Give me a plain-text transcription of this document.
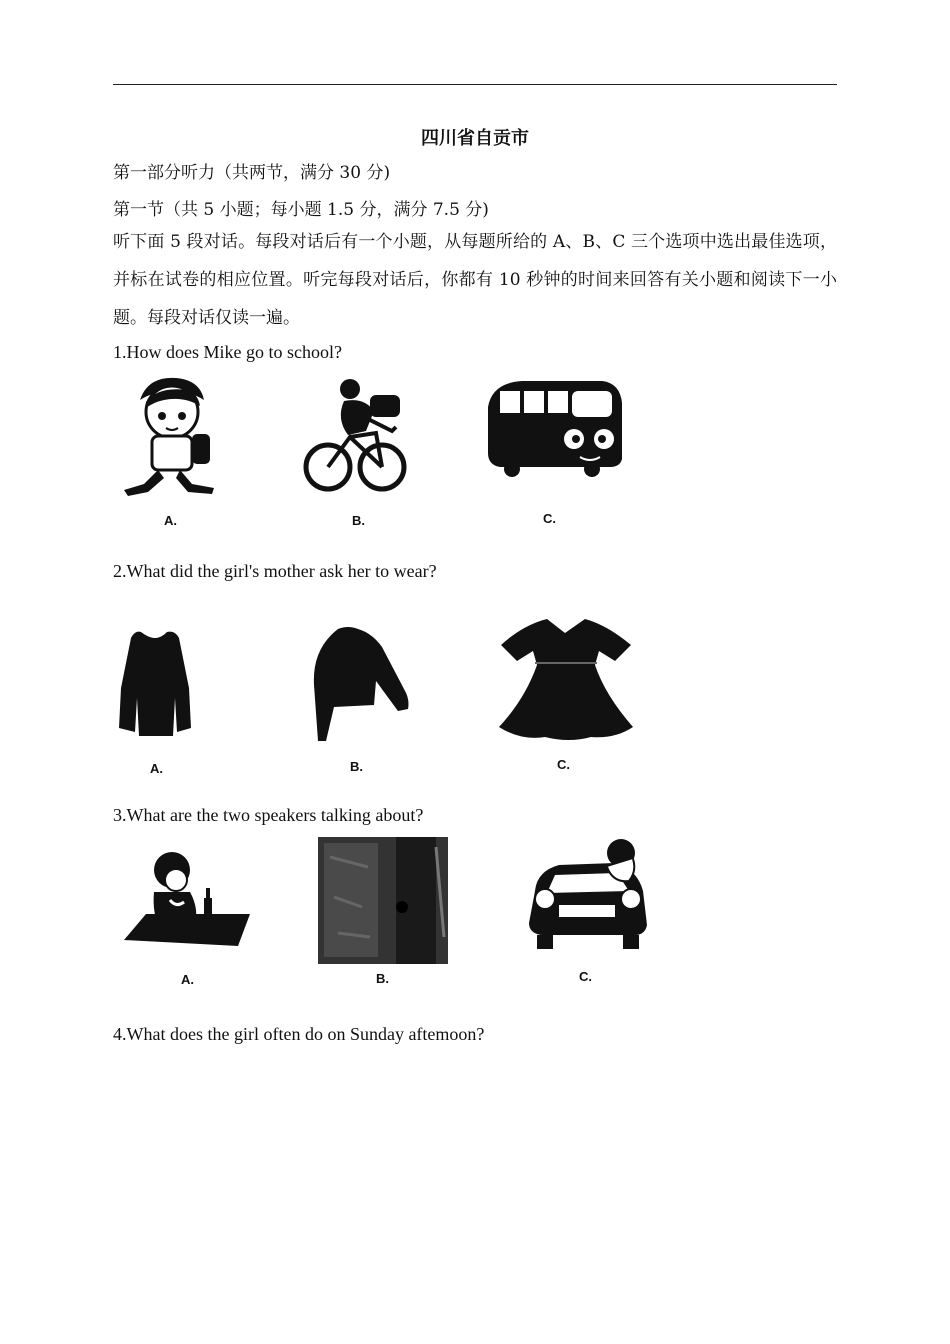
四川省自贡市
第一部分听力（共两节，满分 30 分)
第一节（共 5 小题；每小题 1.5 分，满分 7.5 分)
听下面 5 段对话。每段对话后有一个小题，从每题所给的 A、B、C 三个选项中选出最佳选项，并标在试卷的相应位置。听完每段对话后，你都有 10 秒钟的时间来回答有关小题和阅读下一小题。每段对话仅读一遍。
1.How does Mike go to school?
A.	B.	C.
2.What did the girl's mother ask her to wear?
A.	B.	C.
3.What are the two speakers talking about?
A.	B.	C.
4.What does the girl often do on Sunday aftemoon?
